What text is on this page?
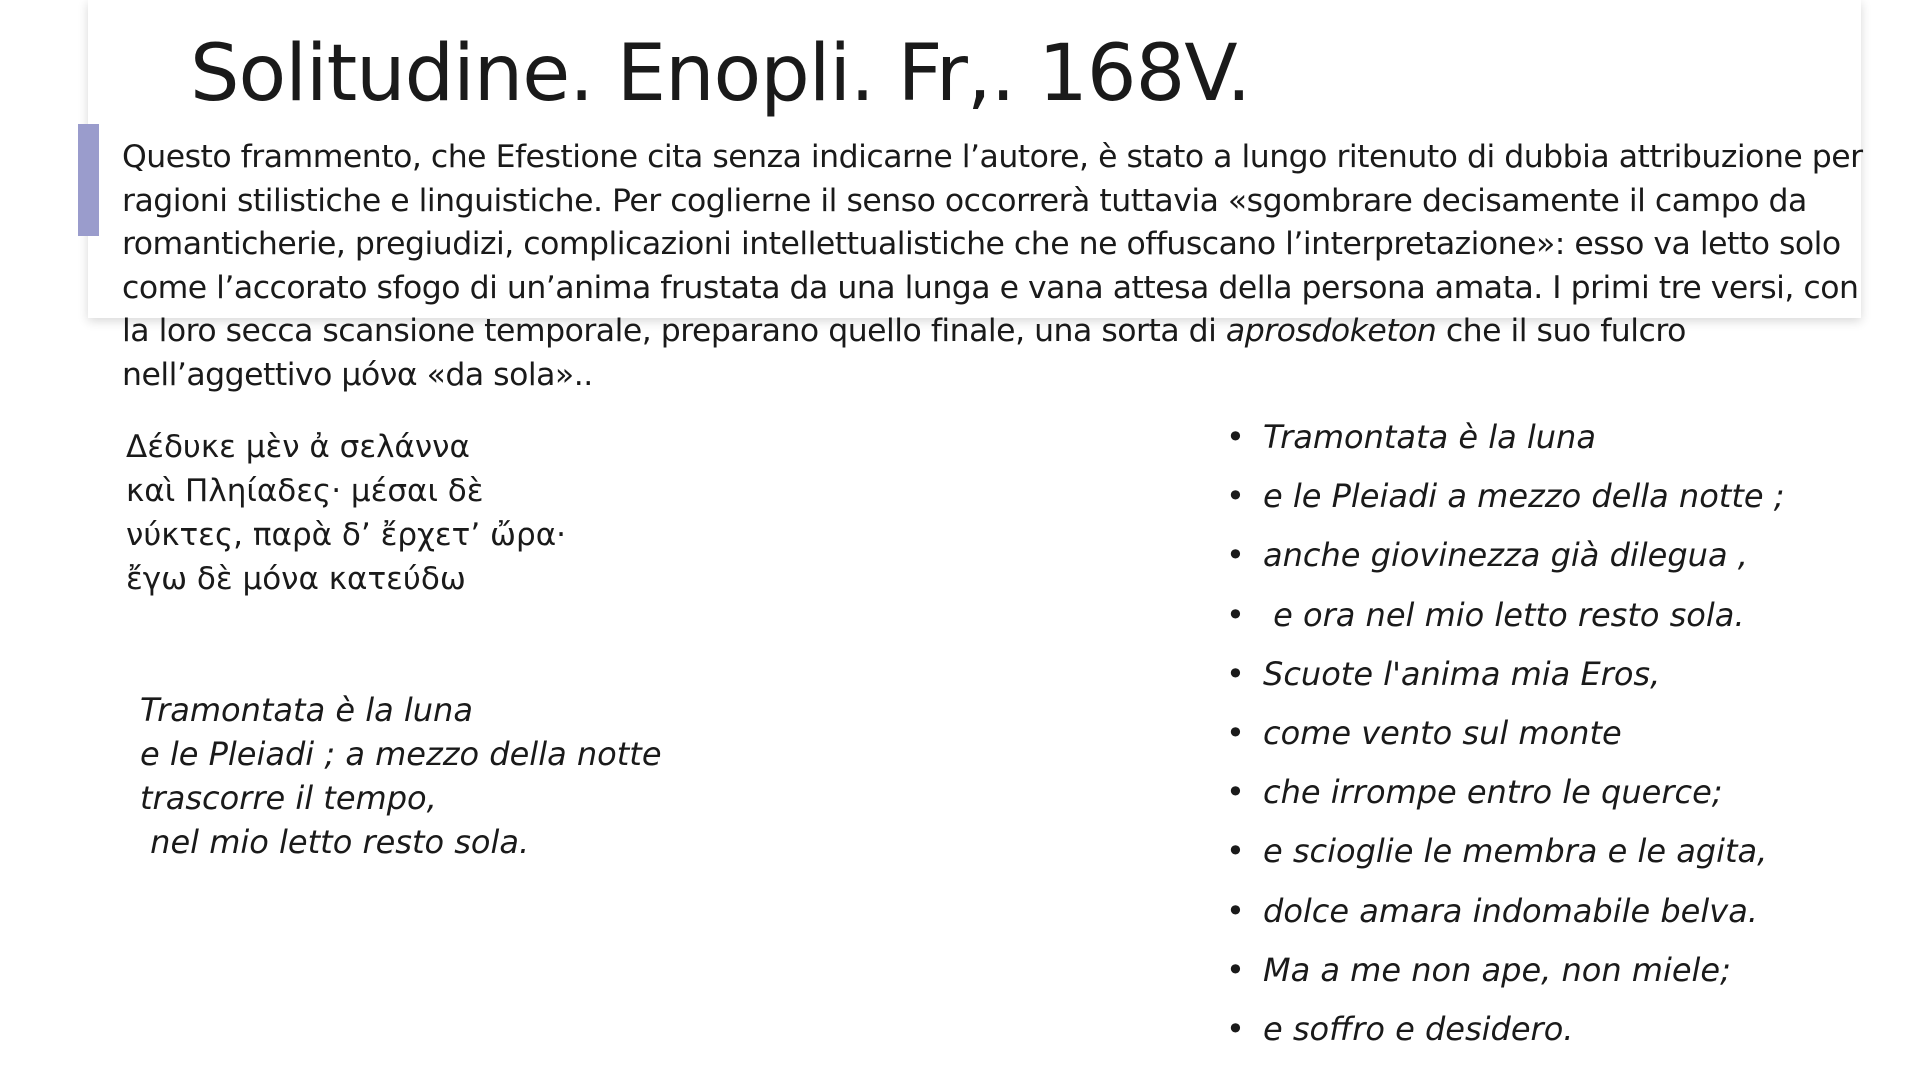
Solitudine. Enopli. Fr,. 168V.

Questo frammento, che Efestione cita senza indicarne l’autore, è stato a lungo ritenuto di dubbia attribuzione per ragioni stilistiche e linguistiche. Per coglierne il senso occorrerà tuttavia «sgombrare decisamente il campo da romanticherie, pregiudizi, complicazioni intellettualistiche che ne offuscano l’interpretazione»: esso va letto solo come l’accorato sfogo di un’anima frustata da una lunga e vana attesa della persona amata. I primi tre versi, con la loro secca scansione temporale, preparano quello finale, una sorta di aprosdoketon che il suo fulcro nell’aggettivo μόνα «da sola»..

Δέδυκε μὲν ἀ σελάννα
καὶ Πληίαδες· μέσαι δὲ
νύκτες, παρὰ δ’ ἔρχετ’ ὤρα·
ἔγω δὲ μόνα κατεύδω
Tramontata è la luna
e le Pleiadi ; a mezzo della notte
trascorre il tempo,
nel mio letto resto sola.
• Tramontata è la luna
• e le Pleiadi a mezzo della notte ;
• anche giovinezza già dilegua ,
• e ora nel mio letto resto sola.
• Scuote l'anima mia Eros,
• come vento sul monte
• che irrompe entro le querce;
• e scioglie le membra e le agita,
• dolce amara indomabile belva.
• Ma a me non ape, non miele;
• e soffro e desidero.
